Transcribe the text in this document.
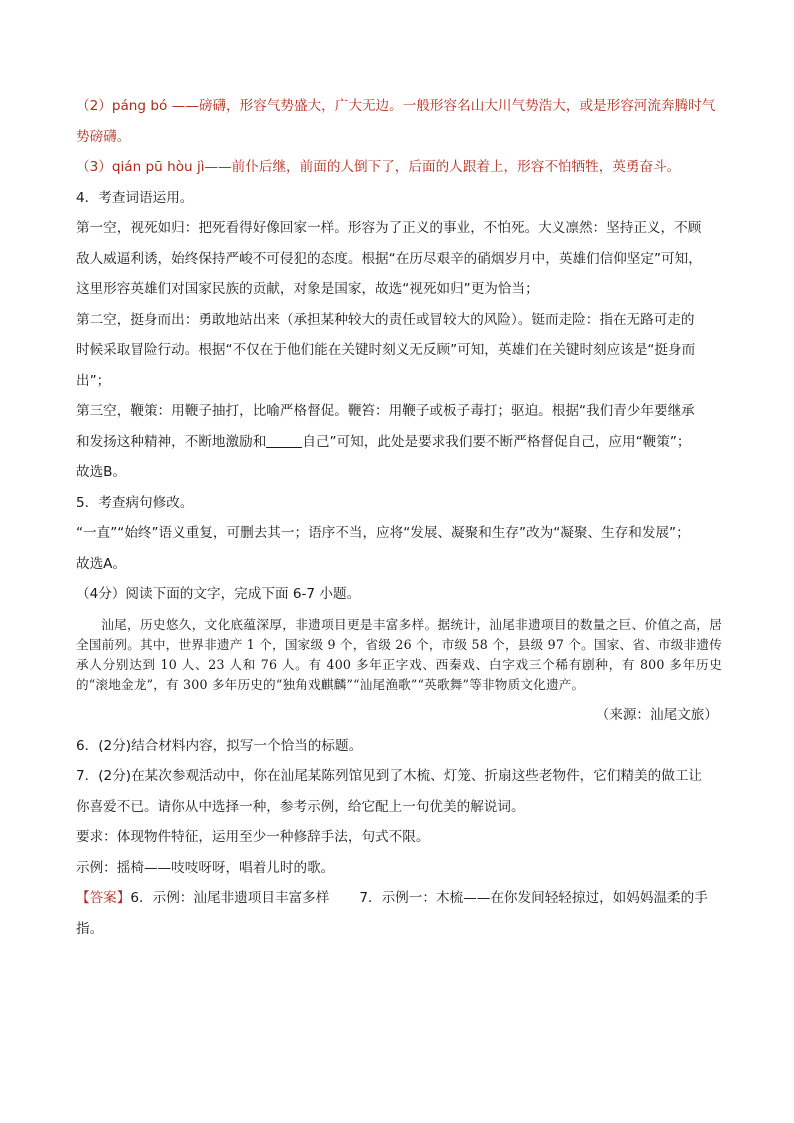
（2）páng bó ——磅礴，形容气势盛大，广大无边。一般形容名山大川气势浩大，或是形容河流奔腾时气

势磅礴。

（3）qián pū hòu jì——前仆后继，前面的人倒下了，后面的人跟着上，形容不怕牺牲，英勇奋斗。

4．考查词语运用。

第一空，视死如归：把死看得好像回家一样。形容为了正义的事业，不怕死。大义凛然：坚持正义，不顾

敌人威逼利诱，始终保持严峻不可侵犯的态度。根据“在历尽艰辛的硝烟岁月中，英雄们信仰坚定”可知，

这里形容英雄们对国家民族的贡献，对象是国家，故选“视死如归”更为恰当；

第二空，挺身而出：勇敢地站出来（承担某种较大的责任或冒较大的风险）。铤而走险：指在无路可走的

时候采取冒险行动。根据“不仅在于他们能在关键时刻义无反顾”可知，英雄们在关键时刻应该是“挺身而

出”；

第三空，鞭策：用鞭子抽打，比喻严格督促。鞭笞：用鞭子或板子毒打；驱迫。根据“我们青少年要继承

和发扬这种精神，不断地激励和	自己”可知，此处是要求我们要不断严格督促自己，应用“鞭策”；

故选B。

5．考查病句修改。

“一直”“始终”语义重复，可删去其一；语序不当，应将“发展、凝聚和生存”改为“凝聚、生存和发展”；

故选A。

（4分）阅读下面的文字，完成下面 6-7 小题。

汕尾，历史悠久，文化底蕴深厚，非遗项目更是丰富多样。据统计，汕尾非遗项目的数量之巨、价值之高，居全国前列。其中，世界非遗产 1 个，国家级 9 个，省级 26 个，市级 58 个，县级 97 个。国家、省、市级非遗传承人分别达到 10 人、23 人和 76 人。有 400 多年正字戏、西秦戏、白字戏三个稀有剧种，有 800 多年历史的“滚地金龙”，有 300 多年历史的“独角戏麒麟”“汕尾渔歌”“英歌舞”等非物质文化遗产。

（来源：汕尾文旅）

6．(2分)结合材料内容，拟写一个恰当的标题。

7．(2分)在某次参观活动中，你在汕尾某陈列馆见到了木梳、灯笼、折扇这些老物件，它们精美的做工让

你喜爱不已。请你从中选择一种，参考示例，给它配上一句优美的解说词。

要求：体现物件特征，运用至少一种修辞手法，句式不限。

示例：摇椅——吱吱呀呀，唱着儿时的歌。

【答案】6．示例：汕尾非遗项目丰富多样 7．示例一：木梳——在你发间轻轻掠过，如妈妈温柔的手

指。
